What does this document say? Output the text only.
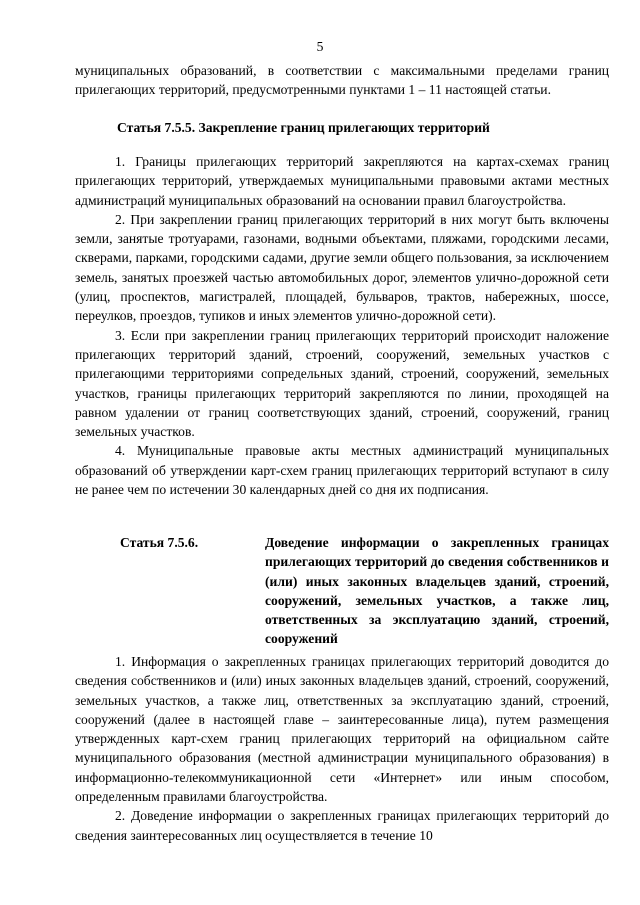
5

муниципальных образований, в соответствии с максимальными пределами границ прилегающих территорий, предусмотренными пунктами 1 – 11 настоящей статьи.

Статья 7.5.5. Закрепление границ прилегающих территорий

1. Границы прилегающих территорий закрепляются на картах-схемах границ прилегающих территорий, утверждаемых муниципальными правовыми актами местных администраций муниципальных образований на основании правил благоустройства.

2. При закреплении границ прилегающих территорий в них могут быть включены земли, занятые тротуарами, газонами, водными объектами, пляжами, городскими лесами, скверами, парками, городскими садами, другие земли общего пользования, за исключением земель, занятых проезжей частью автомобильных дорог, элементов улично-дорожной сети (улиц, проспектов, магистралей, площадей, бульваров, трактов, набережных, шоссе, переулков, проездов, тупиков и иных элементов улично-дорожной сети).

3. Если при закреплении границ прилегающих территорий происходит наложение прилегающих территорий зданий, строений, сооружений, земельных участков с прилегающими территориями сопредельных зданий, строений, сооружений, земельных участков, границы прилегающих территорий закрепляются по линии, проходящей на равном удалении от границ соответствующих зданий, строений, сооружений, границ земельных участков.

4. Муниципальные правовые акты местных администраций муниципальных образований об утверждении карт-схем границ прилегающих территорий вступают в силу не ранее чем по истечении 30 календарных дней со дня их подписания.

Статья 7.5.6.	Доведение информации о закрепленных границах прилегающих территорий до сведения собственников и (или) иных законных владельцев зданий, строений, сооружений, земельных участков, а также лиц, ответственных за эксплуатацию зданий, строений, сооружений

1. Информация о закрепленных границах прилегающих территорий доводится до сведения собственников и (или) иных законных владельцев зданий, строений, сооружений, земельных участков, а также лиц, ответственных за эксплуатацию зданий, строений, сооружений (далее в настоящей главе – заинтересованные лица), путем размещения утвержденных карт-схем границ прилегающих территорий на официальном сайте муниципального образования (местной администрации муниципального образования) в информационно-телекоммуникационной сети «Интернет» или иным способом, определенным правилами благоустройства.

2. Доведение информации о закрепленных границах прилегающих территорий до сведения заинтересованных лиц осуществляется в течение 10
